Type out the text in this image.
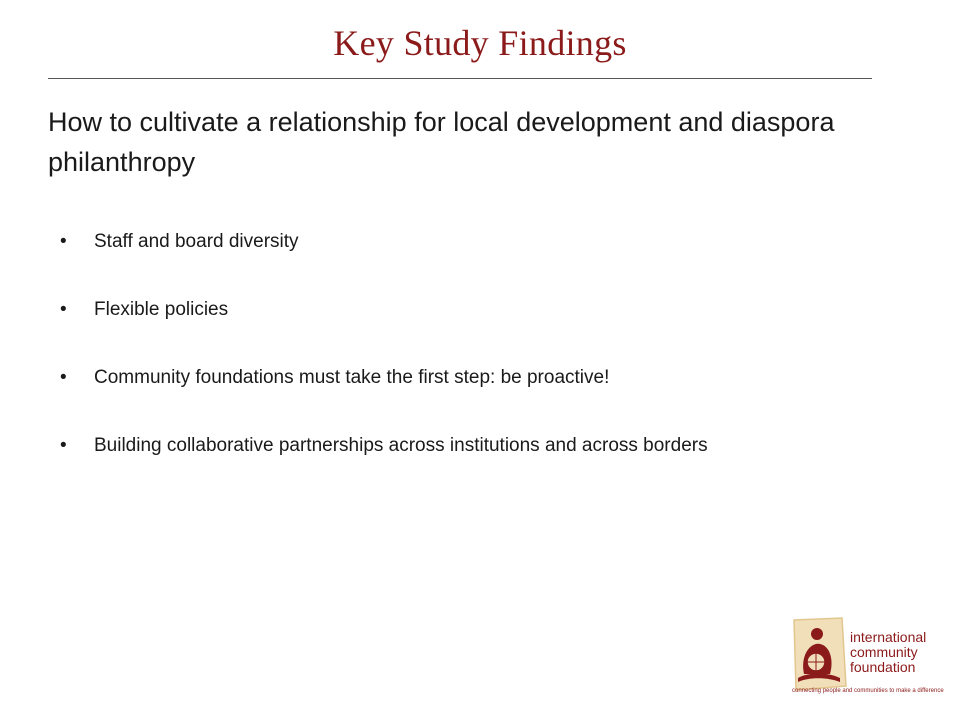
Key Study Findings
How to cultivate a relationship for local development and diaspora philanthropy
• Staff and board diversity
• Flexible policies
• Community foundations must take the first step: be proactive!
• Building collaborative partnerships across institutions and across borders
international
community
foundation
connecting people and communities to make a difference
